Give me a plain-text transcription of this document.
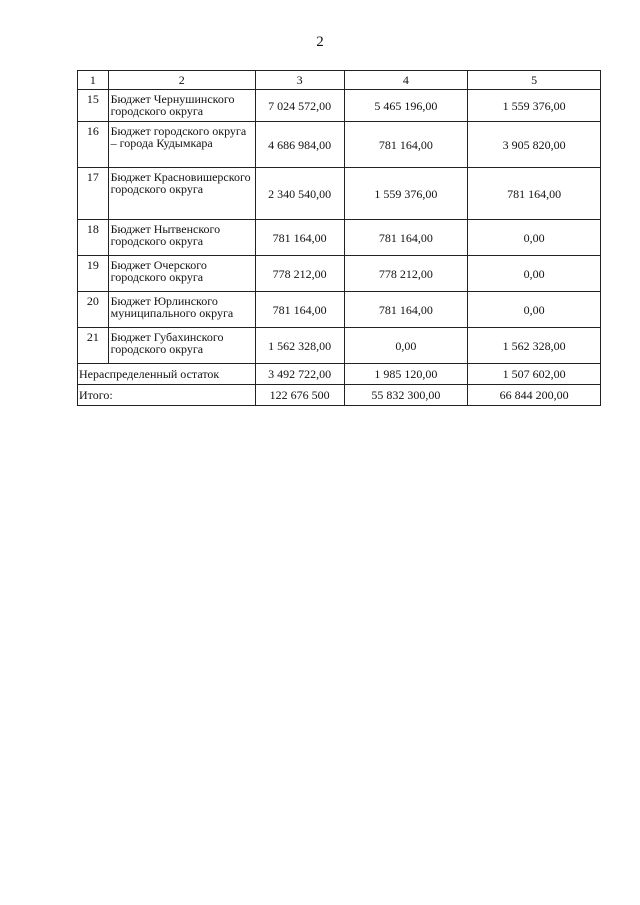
2
1	2	3	4	5
15	Бюджет Чернушинского городского округа	7 024 572,00	5 465 196,00	1 559 376,00
16	Бюджет городского округа – города Кудымкара	4 686 984,00	781 164,00	3 905 820,00
17	Бюджет Красновишерского городского округа	2 340 540,00	1 559 376,00	781 164,00
18	Бюджет Нытвенского городского округа	781 164,00	781 164,00	0,00
19	Бюджет Очерского городского округа	778 212,00	778 212,00	0,00
20	Бюджет Юрлинского муниципального округа	781 164,00	781 164,00	0,00
21	Бюджет Губахинского городского округа	1 562 328,00	0,00	1 562 328,00
Нераспределенный остаток		3 492 722,00	1 985 120,00	1 507 602,00
Итого:		122 676 500	55 832 300,00	66 844 200,00
